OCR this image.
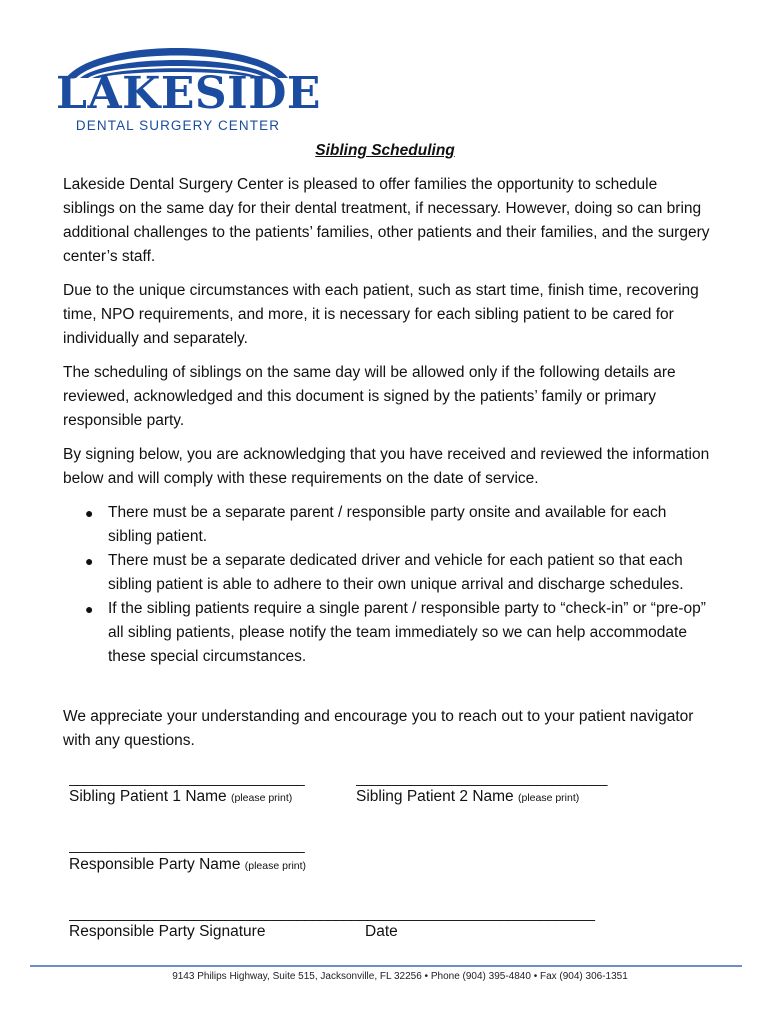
LAKESIDE
DENTAL SURGERY CENTER
Sibling Scheduling

Lakeside Dental Surgery Center is pleased to offer families the opportunity to schedule siblings on the same day for their dental treatment, if necessary. However, doing so can bring additional challenges to the patients’ families, other patients and their families, and the surgery center’s staff.

Due to the unique circumstances with each patient, such as start time, finish time, recovering time, NPO requirements, and more, it is necessary for each sibling patient to be cared for individually and separately.

The scheduling of siblings on the same day will be allowed only if the following details are reviewed, acknowledged and this document is signed by the patients’ family or primary responsible party.

By signing below, you are acknowledging that you have received and reviewed the information below and will comply with these requirements on the date of service.

● There must be a separate parent / responsible party onsite and available for each sibling patient.
● There must be a separate dedicated driver and vehicle for each patient so that each sibling patient is able to adhere to their own unique arrival and discharge schedules.
● If the sibling patients require a single parent / responsible party to “check-in” or “pre-op” all sibling patients, please notify the team immediately so we can help accommodate these special circumstances.

We appreciate your understanding and encourage you to reach out to your patient navigator with any questions.

______________________________
Sibling Patient 1 Name (please print)
________________________________
Sibling Patient 2 Name (please print)
______________________________
Responsible Party Name (please print)
___________________________________________________________________
Responsible Party Signature	Date
9143 Philips Highway, Suite 515, Jacksonville, FL 32256 • Phone (904) 395-4840 • Fax (904) 306-1351
